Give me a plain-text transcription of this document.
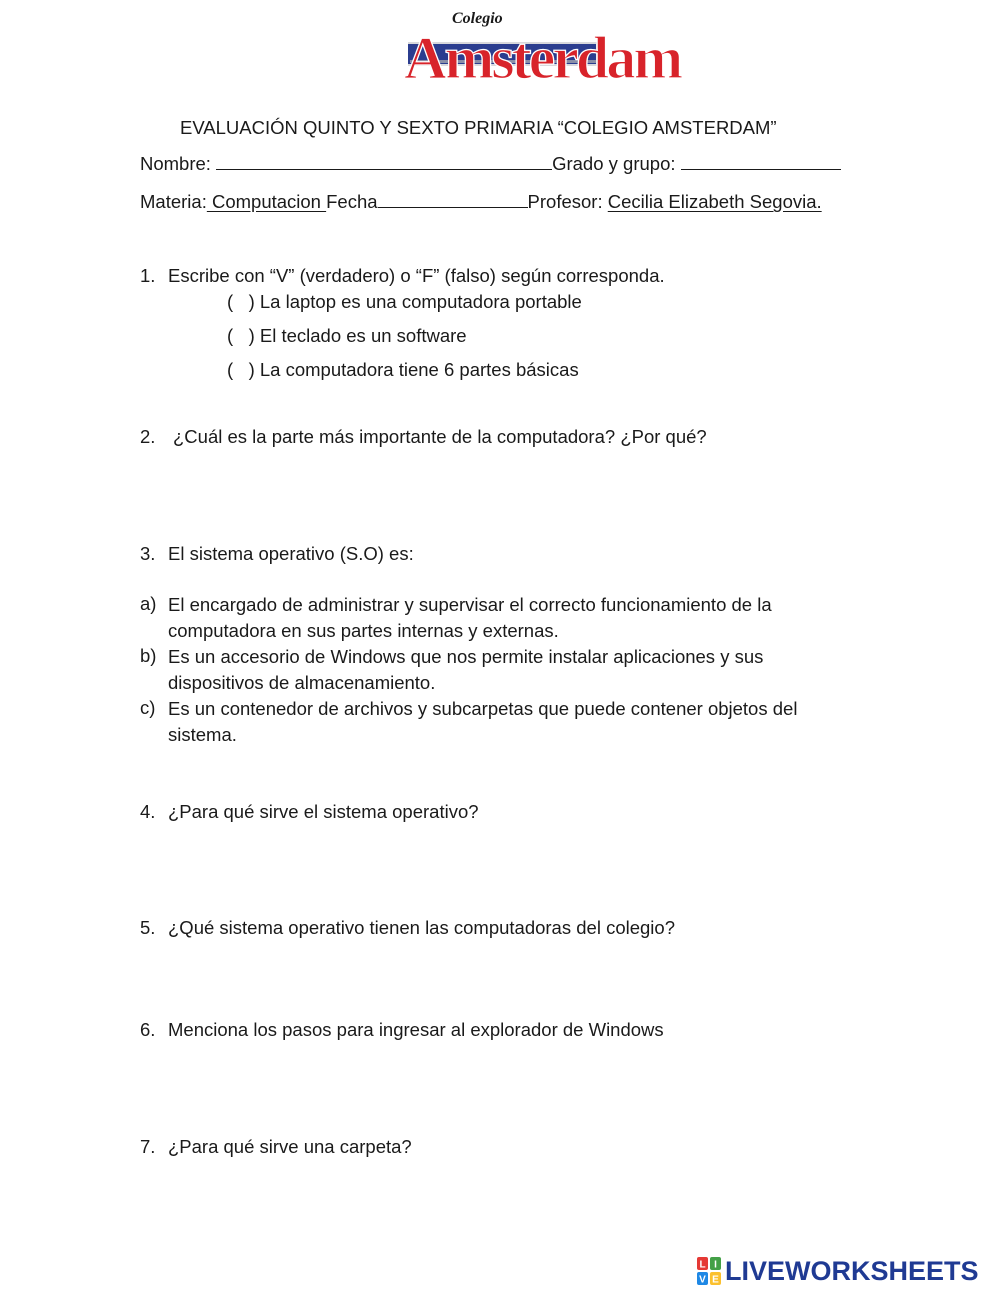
Colegio
Amsterdam
EVALUACIÓN QUINTO Y SEXTO PRIMARIA “COLEGIO AMSTERDAM”
Nombre:	Grado y grupo:
Materia: Computacion Fecha	Profesor: Cecilia Elizabeth Segovia.
1. Escribe con “V” (verdadero) o “F” (falso) según corresponda.
(   ) La laptop es una computadora portable
(   ) El teclado es un software
(   ) La computadora tiene 6 partes básicas
2. ¿Cuál es la parte más importante de la computadora? ¿Por qué?
3. El sistema operativo (S.O) es:
a) El encargado de administrar y supervisar el correcto funcionamiento de la computadora en sus partes internas y externas.
b) Es un accesorio de Windows que nos permite instalar aplicaciones y sus dispositivos de almacenamiento.
c) Es un contenedor de archivos y subcarpetas que puede contener objetos del sistema.
4. ¿Para qué sirve el sistema operativo?
5. ¿Qué sistema operativo tienen las computadoras del colegio?
6. Menciona los pasos para ingresar al explorador de Windows
7. ¿Para qué sirve una carpeta?
L I
V E LIVEWORKSHEETS
